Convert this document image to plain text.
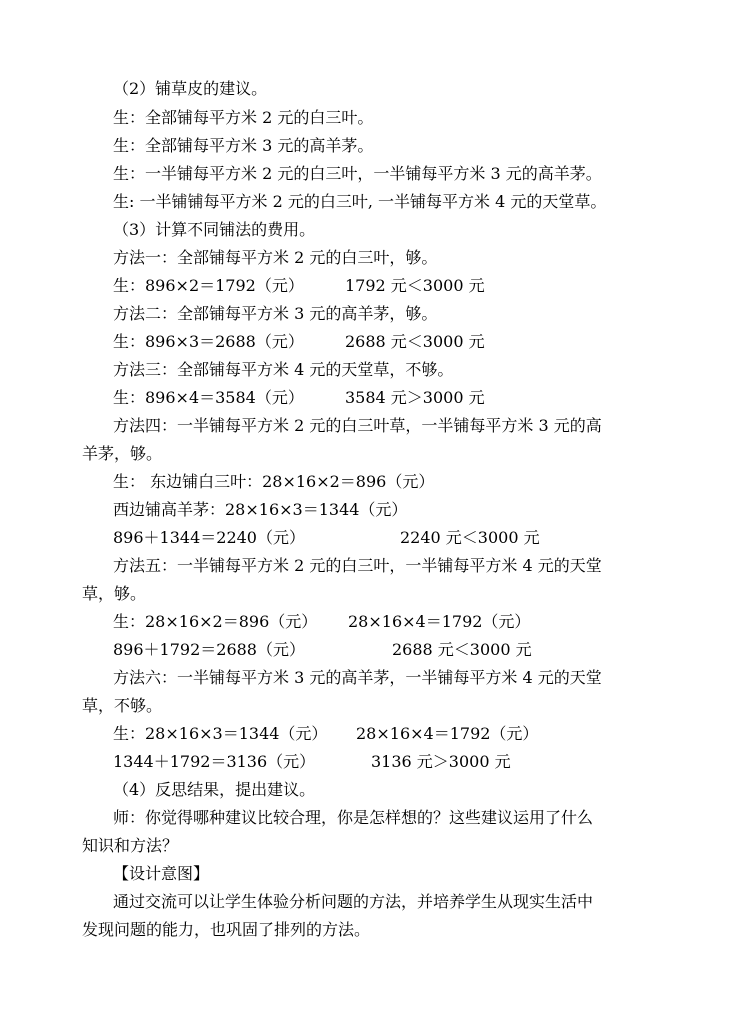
（2）铺草皮的建议。
生：全部铺每平方米 2 元的白三叶。
生：全部铺每平方米 3 元的高羊茅。
生：一半铺每平方米 2 元的白三叶，一半铺每平方米 3 元的高羊茅。
生: 一半铺铺每平方米 2 元的白三叶, 一半铺每平方米 4 元的天堂草。
（3）计算不同铺法的费用。
方法一：全部铺每平方米 2 元的白三叶，够。
生：896×2＝1792（元）	1792 元＜3000 元
方法二：全部铺每平方米 3 元的高羊茅，够。
生：896×3＝2688（元）	2688 元＜3000 元
方法三：全部铺每平方米 4 元的天堂草，不够。
生：896×4＝3584（元）	3584 元＞3000 元
方法四：一半铺每平方米 2 元的白三叶草，一半铺每平方米 3 元的高
羊茅，够。
生： 东边铺白三叶：28×16×2＝896（元）
西边铺高羊茅：28×16×3＝1344（元）
896＋1344＝2240（元）	2240 元＜3000 元
方法五：一半铺每平方米 2 元的白三叶，一半铺每平方米 4 元的天堂
草，够。
生：28×16×2＝896（元） 28×16×4＝1792（元）
896＋1792＝2688（元）	2688 元＜3000 元
方法六：一半铺每平方米 3 元的高羊茅，一半铺每平方米 4 元的天堂
草，不够。
生：28×16×3＝1344（元） 28×16×4＝1792（元）
1344＋1792＝3136（元）	3136 元＞3000 元
（4）反思结果，提出建议。
师：你觉得哪种建议比较合理，你是怎样想的？这些建议运用了什么
知识和方法？
【设计意图】
通过交流可以让学生体验分析问题的方法，并培养学生从现实生活中
发现问题的能力，也巩固了排列的方法。
